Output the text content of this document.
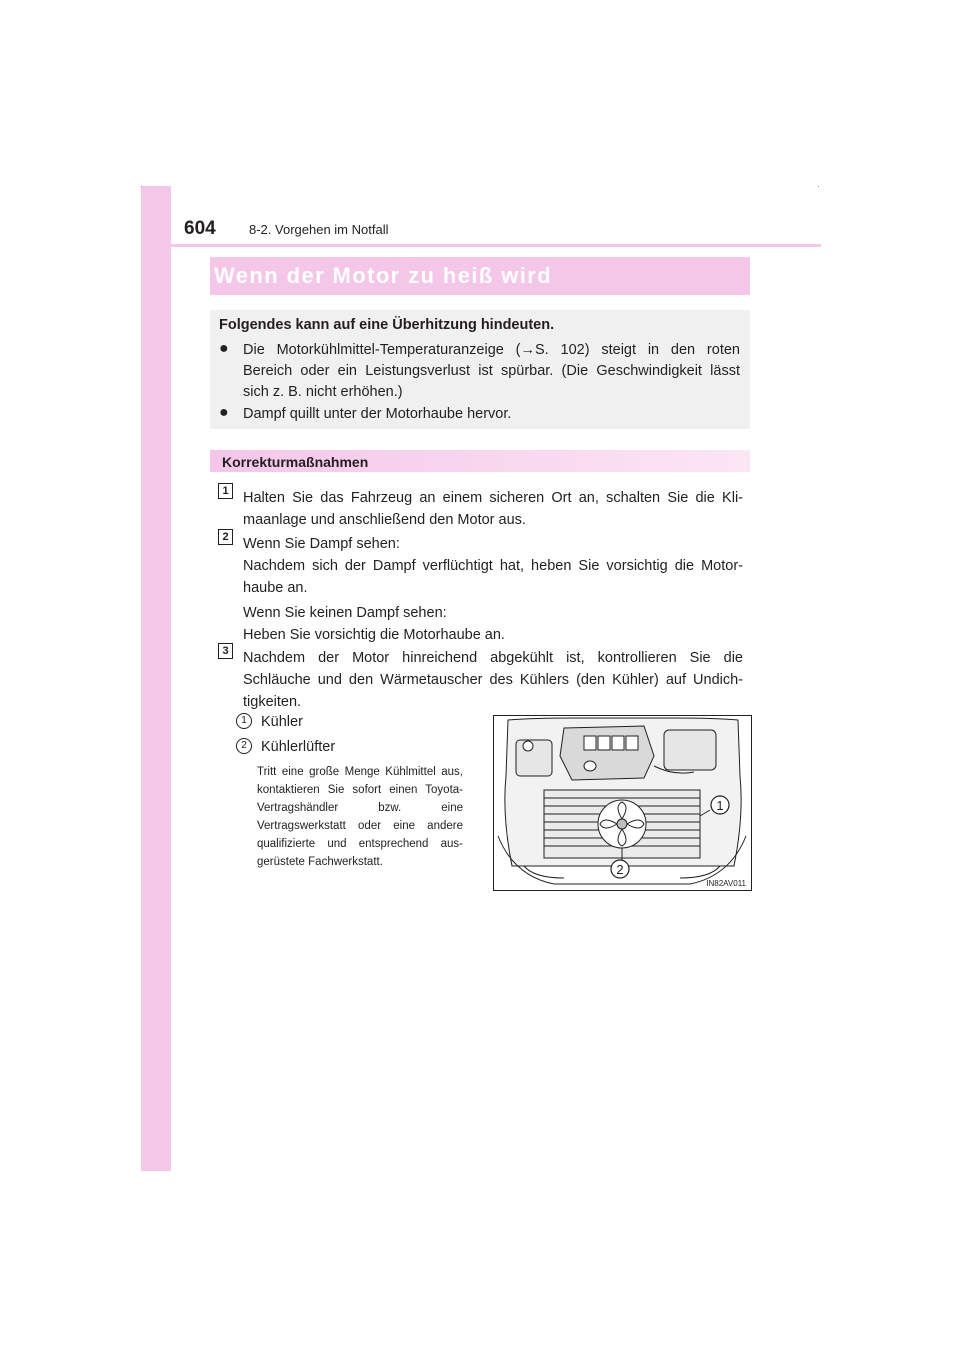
604	8-2. Vorgehen im Notfall
Wenn der Motor zu heiß wird
Folgendes kann auf eine Überhitzung hindeuten.
● Die Motorkühlmittel-Temperaturanzeige (→S. 102) steigt in den roten
Bereich oder ein Leistungsverlust ist spürbar. (Die Geschwindigkeit lässt
sich z. B. nicht erhöhen.)
● Dampf quillt unter der Motorhaube hervor.
Korrekturmaßnahmen
1 Halten Sie das Fahrzeug an einem sicheren Ort an, schalten Sie die Kli-
maanlage und anschließend den Motor aus.
2 Wenn Sie Dampf sehen:
Nachdem sich der Dampf verflüchtigt hat, heben Sie vorsichtig die Motor-
haube an.
Wenn Sie keinen Dampf sehen:
Heben Sie vorsichtig die Motorhaube an.
3 Nachdem der Motor hinreichend abgekühlt ist, kontrollieren Sie die
Schläuche und den Wärmetauscher des Kühlers (den Kühler) auf Undich-
tigkeiten.
1 Kühler
2 Kühlerlüfter
Tritt eine große Menge Kühlmittel aus, kontaktieren Sie sofort einen Toyota-Vertragshändler bzw. eine Vertragswerkstatt oder eine andere qualifizierte und entsprechend aus-gerüstete Fachwerkstatt.
1
2
IN82AV011
